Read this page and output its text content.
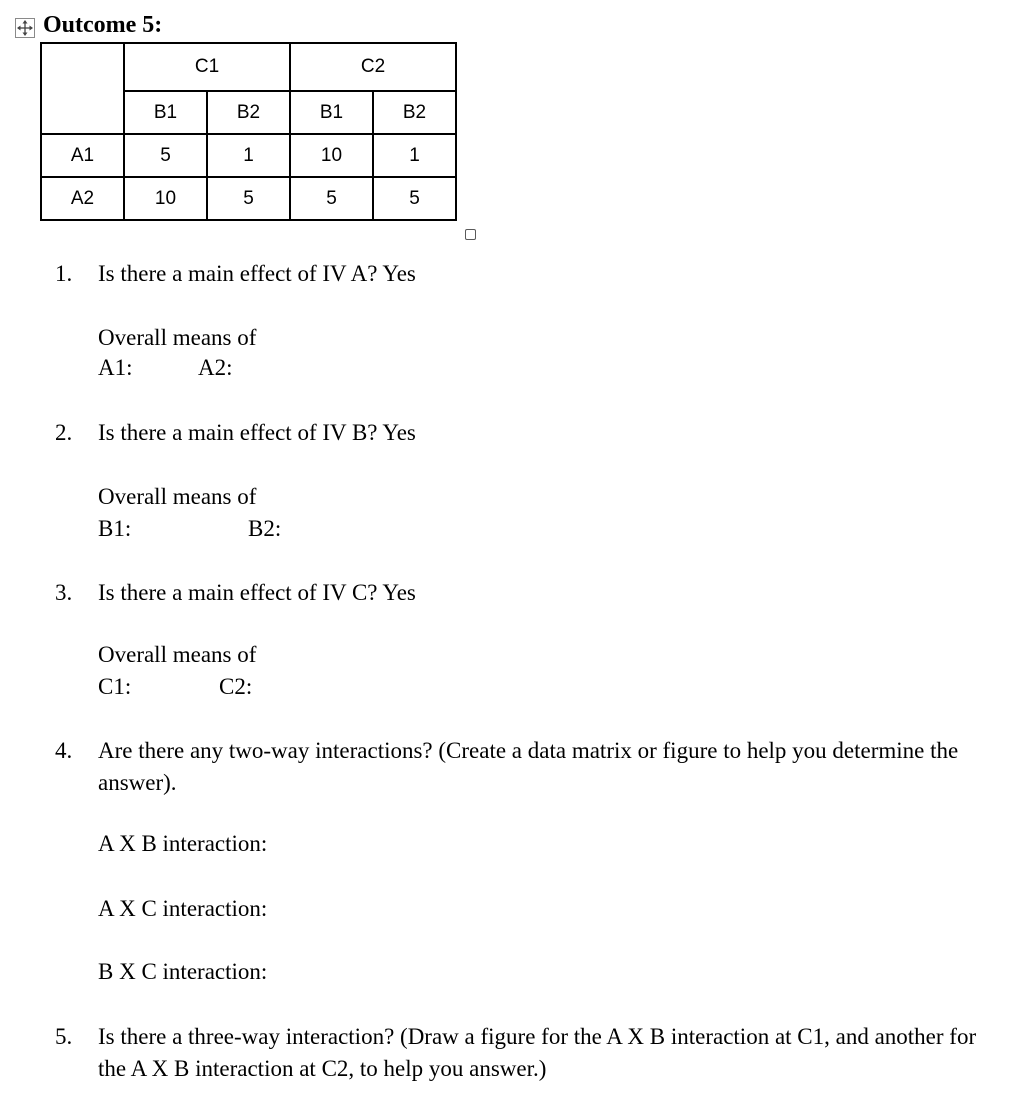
Outcome 5:
	C1		C2	
	B1	B2	B1	B2
A1	5	1	10	1
A2	10	5	5	5
1. Is there a main effect of IV A? Yes
Overall means of
A1:	A2:
2. Is there a main effect of IV B? Yes
Overall means of
B1:	B2:
3. Is there a main effect of IV C? Yes
Overall means of
C1:	C2:
4. Are there any two-way interactions? (Create a data matrix or figure to help you determine the answer).
A X B interaction:
A X C interaction:
B X C interaction:
5. Is there a three-way interaction? (Draw a figure for the A X B interaction at C1, and another for the A X B interaction at C2, to help you answer.)
